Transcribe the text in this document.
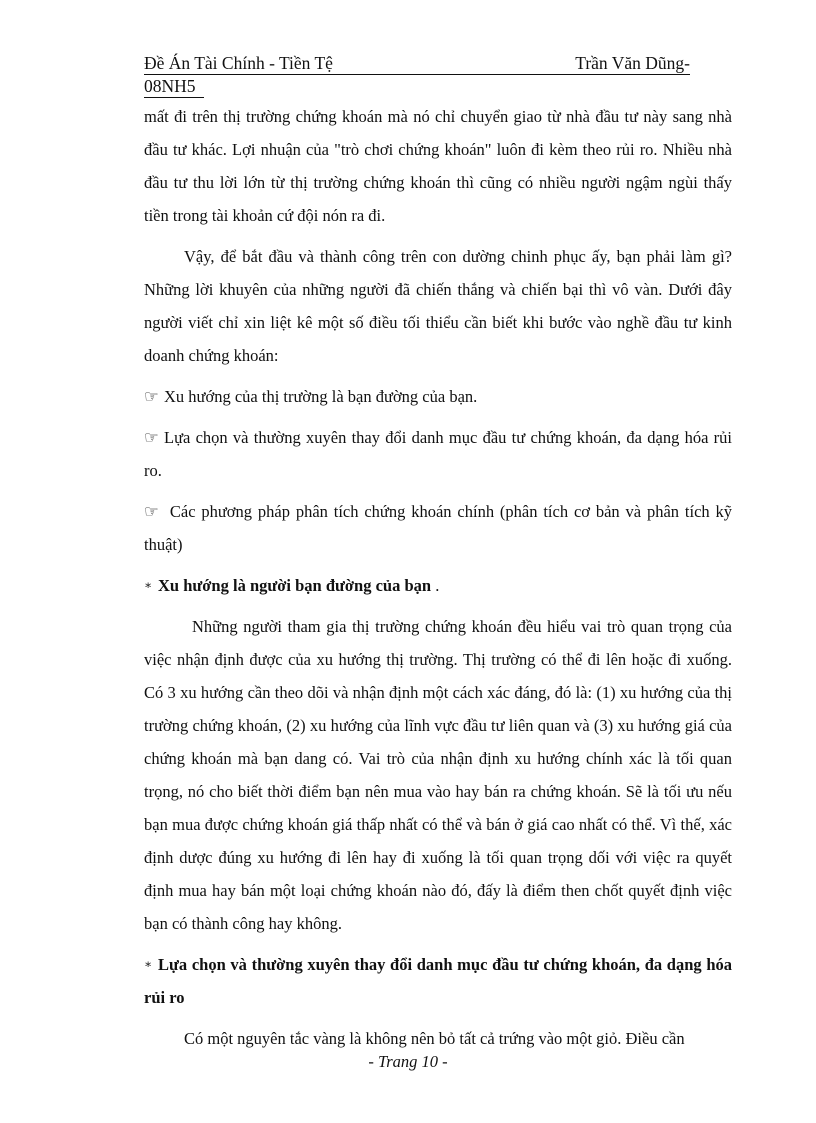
Đề Án Tài Chính - Tiền Tệ	Trần Văn Dũng-
08NH5

mất đi trên thị trường chứng khoán mà nó chỉ chuyển giao từ nhà đầu tư này sang nhà đầu tư khác. Lợi nhuận của "trò chơi chứng khoán" luôn đi kèm theo rủi ro. Nhiều nhà đầu tư thu lời lớn từ thị trường chứng khoán thì cũng có nhiều người ngậm ngùi thấy tiền trong tài khoản cứ đội nón ra đi.

Vậy, để bắt đầu và thành công trên con dường chinh phục ấy, bạn phải làm gì? Những lời khuyên của những người đã chiến thắng và chiến bại thì vô vàn. Dưới đây người viết chỉ xin liệt kê một số điều tối thiểu cần biết khi bước vào nghề đầu tư kinh doanh chứng khoán:

☞ Xu hướng của thị trường là bạn đường của bạn.

☞ Lựa chọn và thường xuyên thay đổi danh mục đầu tư chứng khoán, đa dạng hóa rủi ro.

☞ Các phương pháp phân tích chứng khoán chính (phân tích cơ bản và phân tích kỹ thuật)

∗ Xu hướng là người bạn đường của bạn .

Những người tham gia thị trường chứng khoán đều hiểu vai trò quan trọng của việc nhận định được của xu hướng thị trường. Thị trường có thể đi lên hoặc đi xuống. Có 3 xu hướng cần theo dõi và nhận định một cách xác đáng, đó là: (1) xu hướng của thị trường chứng khoán, (2) xu hướng của lĩnh vực đầu tư liên quan và (3) xu hướng giá của chứng khoán mà bạn dang có. Vai trò của nhận định xu hướng chính xác là tối quan trọng, nó cho biết thời điểm bạn nên mua vào hay bán ra chứng khoán. Sẽ là tối ưu nếu bạn mua được chứng khoán giá thấp nhất có thể và bán ở giá cao nhất có thể. Vì thế, xác định dược đúng xu hướng đi lên hay đi xuống là tối quan trọng dối với việc ra quyết định mua hay bán một loại chứng khoán nào đó, đấy là điểm then chốt quyết định việc bạn có thành công hay không.

∗ Lựa chọn và thường xuyên thay đổi danh mục đầu tư chứng khoán, đa dạng hóa rủi ro

Có một nguyên tắc vàng là không nên bỏ tất cả trứng vào một giỏ. Điều cần

- Trang 10 -
